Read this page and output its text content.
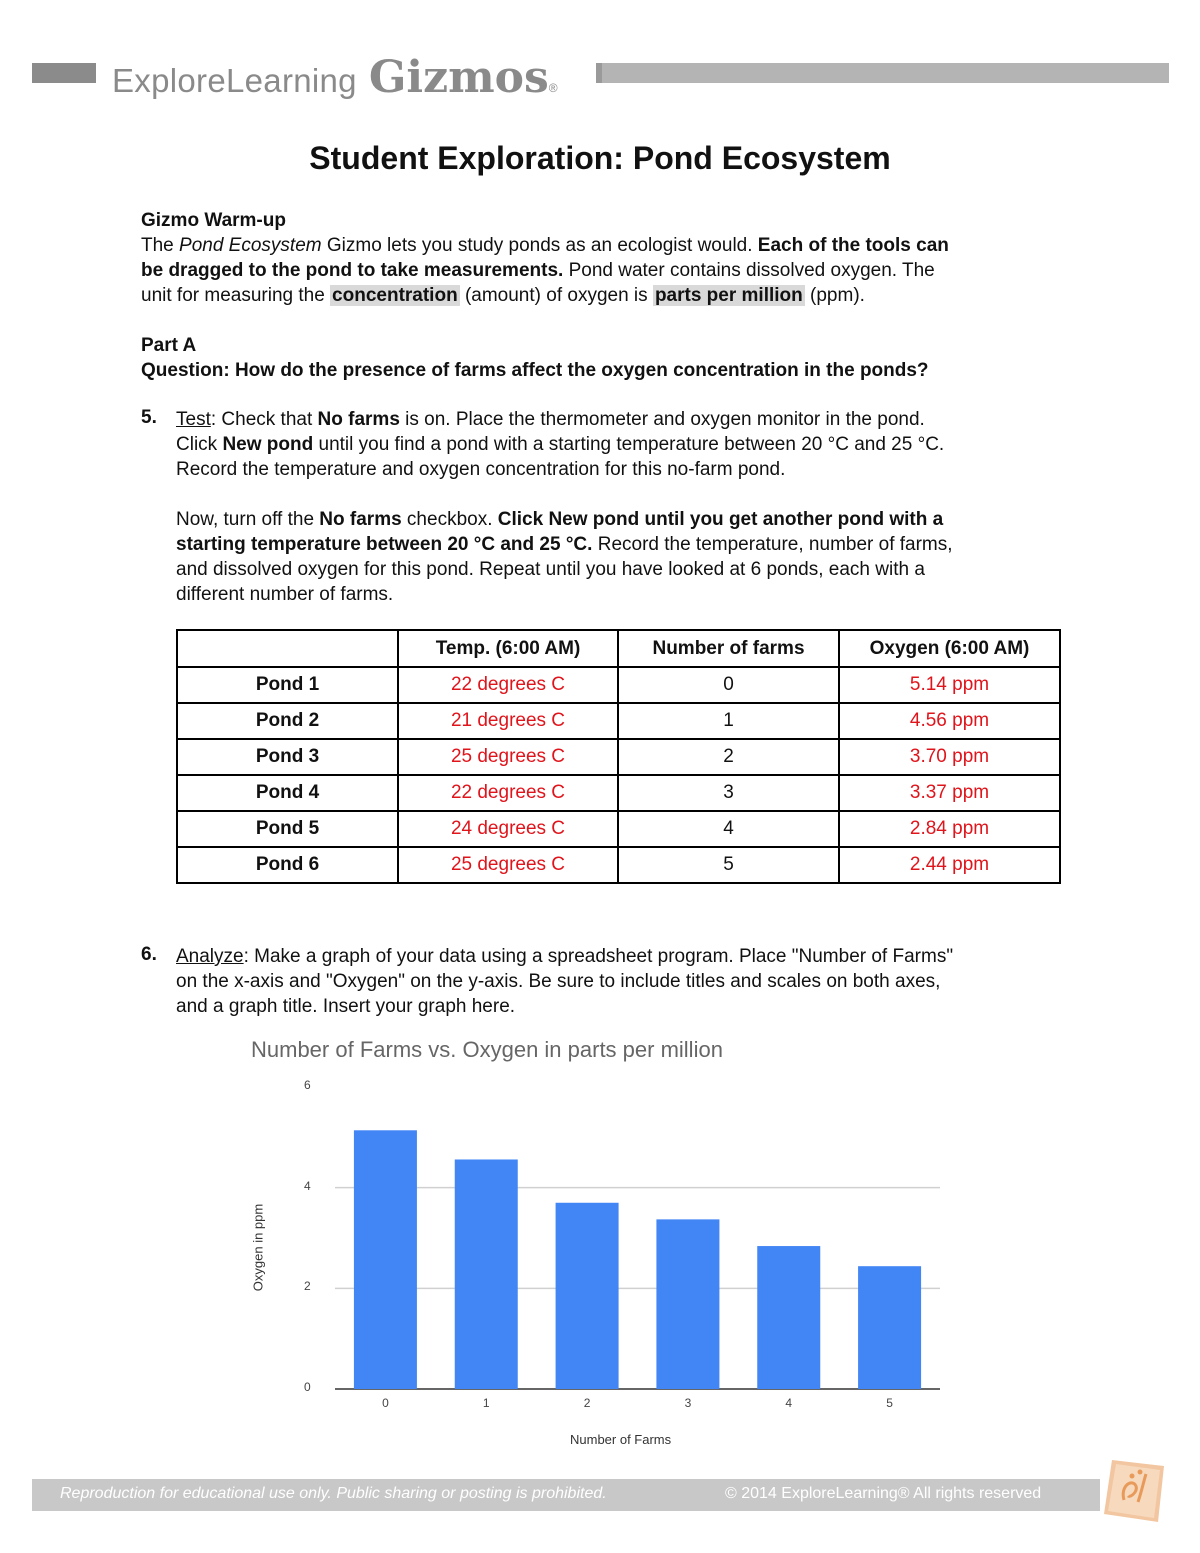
ExploreLearning Gizmos ®
Student Exploration: Pond Ecosystem
Gizmo Warm-up
The Pond Ecosystem Gizmo lets you study ponds as an ecologist would. Each of the tools can
be dragged to the pond to take measurements. Pond water contains dissolved oxygen. The
unit for measuring the concentration (amount) of oxygen is parts per million (ppm).
Part A
Question: How do the presence of farms affect the oxygen concentration in the ponds?
5. Test: Check that No farms is on. Place the thermometer and oxygen monitor in the pond.
Click New pond until you find a pond with a starting temperature between 20 °C and 25 °C.
Record the temperature and oxygen concentration for this no-farm pond.
Now, turn off the No farms checkbox. Click New pond until you get another pond with a
starting temperature between 20 °C and 25 °C. Record the temperature, number of farms,
and dissolved oxygen for this pond. Repeat until you have looked at 6 ponds, each with a
different number of farms.
	Temp. (6:00 AM)	Number of farms	Oxygen (6:00 AM)
Pond 1	22 degrees C	0	5.14 ppm
Pond 2	21 degrees C	1	4.56 ppm
Pond 3	25 degrees C	2	3.70 ppm
Pond 4	22 degrees C	3	3.37 ppm
Pond 5	24 degrees C	4	2.84 ppm
Pond 6	25 degrees C	5	2.44 ppm
6. Analyze: Make a graph of your data using a spreadsheet program. Place "Number of Farms"
on the x-axis and "Oxygen" on the y-axis. Be sure to include titles and scales on both axes,
and a graph title. Insert your graph here.
Number of Farms vs. Oxygen in parts per million
Oxygen in ppm
Number of Farms
0	1	2	3	4	5
0
2
4
6
Reproduction for educational use only. Public sharing or posting is prohibited.	© 2014 ExploreLearning® All rights reserved
